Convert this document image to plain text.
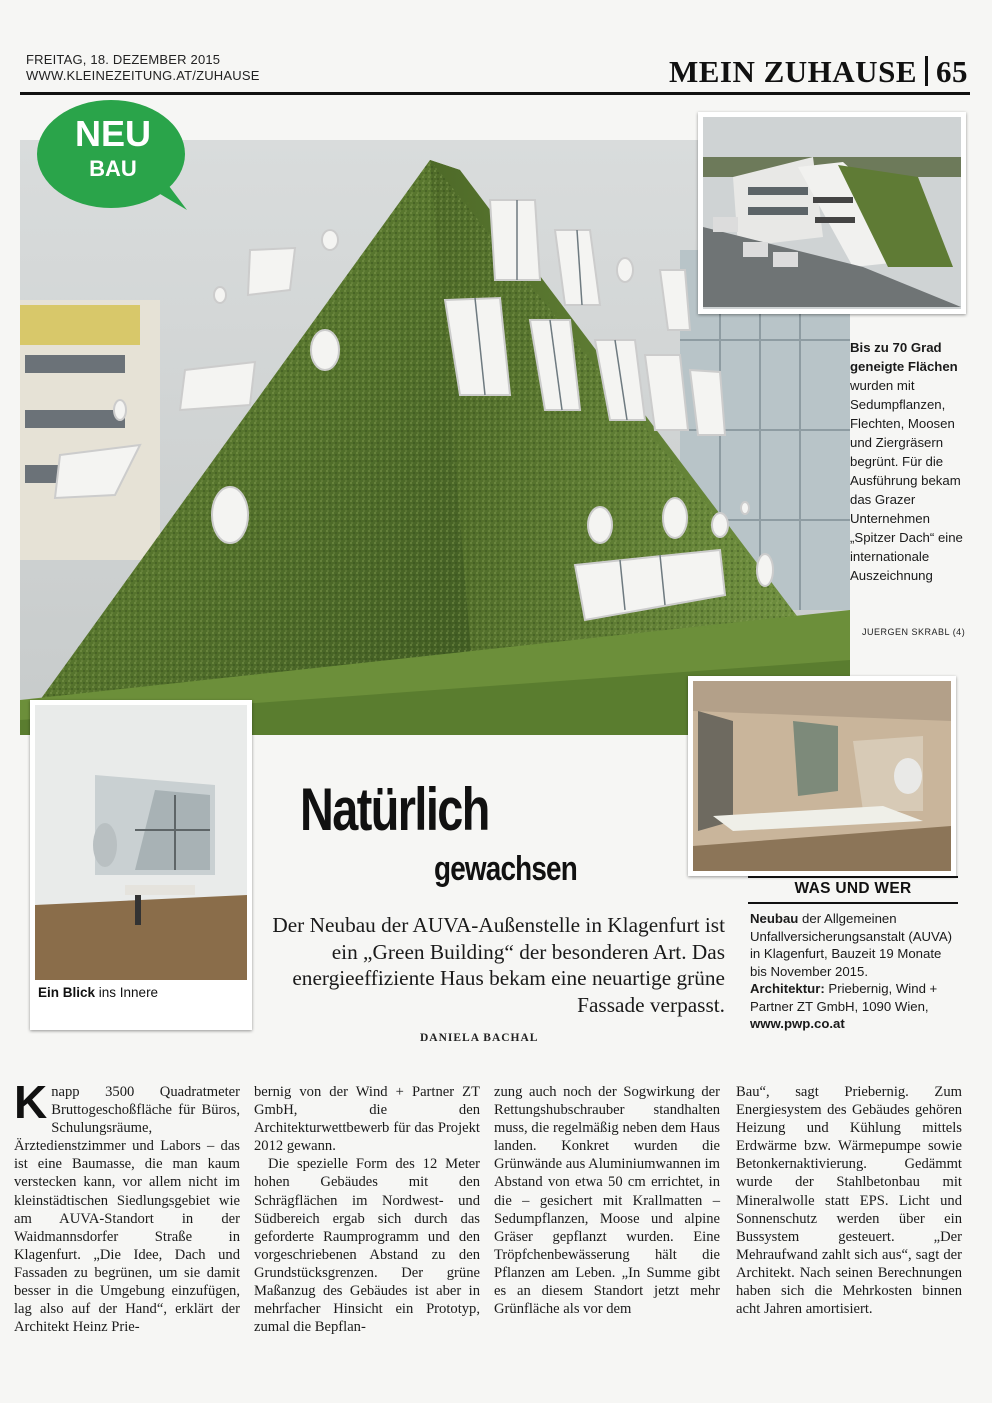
FREITAG, 18. DEZEMBER 2015
WWW.KLEINEZEITUNG.AT/ZUHAUSE	MEIN ZUHAUSE 65
NEU
BAU
Bis zu 70 Grad geneigte Flächen wurden mit Sedumpflanzen, Flechten, Moosen und Ziergräsern begrünt. Für die Ausführung bekam das Grazer Unternehmen „Spitzer Dach“ eine internationale Auszeichnung
JUERGEN SKRABL (4)
Ein Blick ins Innere
Natürlich
gewachsen
Der Neubau der AUVA-Außenstelle in Klagenfurt ist ein „Green Building“ der besonderen Art. Das energieeffiziente Haus bekam eine neuartige grüne Fassade verpasst.
DANIELA BACHAL
WAS UND WER
Neubau der Allgemeinen Unfallversicherungsanstalt (AUVA) in Klagenfurt, Bauzeit 19 Monate bis November 2015.
Architektur: Priebernig, Wind + Partner ZT GmbH, 1090 Wien,
www.pwp.co.at

Knapp 3500 Quadratmeter Bruttogeschoßfläche für Büros, Schulungsräume, Ärztedienstzimmer und Labors – das ist eine Baumasse, die man kaum verstecken kann, vor allem nicht im kleinstädtischen Siedlungsgebiet wie am AUVA-Standort in der Waidmannsdorfer Straße in Klagenfurt. „Die Idee, Dach und Fassaden zu begrünen, um sie damit besser in die Umgebung einzufügen, lag also auf der Hand“, erklärt der Architekt Heinz Prie-

bernig von der Wind + Partner ZT GmbH, die den Architekturwettbewerb für das Projekt 2012 gewann.

Die spezielle Form des 12 Meter hohen Gebäudes mit den Schrägflächen im Nordwest- und Südbereich ergab sich durch das geforderte Raumprogramm und den vorgeschriebenen Abstand zu den Grundstücksgrenzen. Der grüne Maßanzug des Gebäudes ist aber in mehrfacher Hinsicht ein Prototyp, zumal die Bepflan-

zung auch noch der Sogwirkung der Rettungshubschrauber standhalten muss, die regelmäßig neben dem Haus landen. Konkret wurden die Grünwände aus Aluminiumwannen im Abstand von etwa 50 cm errichtet, in die – gesichert mit Krallmatten – Sedumpflanzen, Moose und alpine Gräser gepflanzt wurden. Eine Tröpfchenbewässerung hält die Pflanzen am Leben. „In Summe gibt es an diesem Standort jetzt mehr Grünfläche als vor dem

Bau“, sagt Priebernig. Zum Energiesystem des Gebäudes gehören Heizung und Kühlung mittels Erdwärme bzw. Wärmepumpe sowie Betonkernaktivierung. Gedämmt wurde der Stahlbetonbau mit Mineralwolle statt EPS. Licht und Sonnenschutz werden über ein Bussystem gesteuert. „Der Mehraufwand zahlt sich aus“, sagt der Architekt. Nach seinen Berechnungen haben sich die Mehrkosten binnen acht Jahren amortisiert.
